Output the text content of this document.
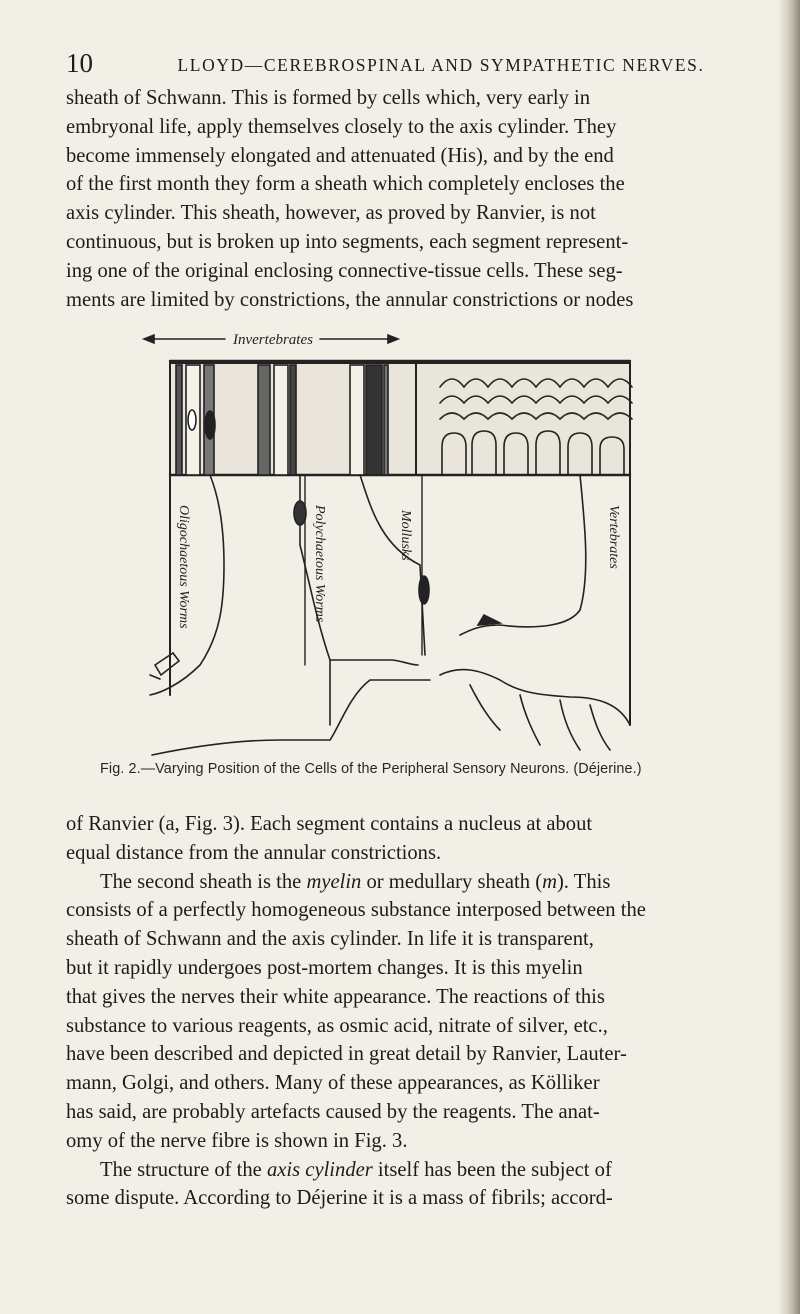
10	LLOYD—CEREBROSPINAL AND SYMPATHETIC NERVES.
sheath of Schwann. This is formed by cells which, very early in
embryonal life, apply themselves closely to the axis cylinder. They
become immensely elongated and attenuated (His), and by the end
of the first month they form a sheath which completely encloses the
axis cylinder. This sheath, however, as proved by Ranvier, is not
continuous, but is broken up into segments, each segment represent-
ing one of the original enclosing connective-tissue cells. These seg-
ments are limited by constrictions, the annular constrictions or nodes
Invertebrates
Oligochaetous Worms	Polychaetous Worms	Mollusks	Vertebrates
Fig. 2.—Varying Position of the Cells of the Peripheral Sensory Neurons. (Déjerine.)
of Ranvier (a, Fig. 3). Each segment contains a nucleus at about
equal distance from the annular constrictions.
The second sheath is the myelin or medullary sheath (m). This
consists of a perfectly homogeneous substance interposed between the
sheath of Schwann and the axis cylinder. In life it is transparent,
but it rapidly undergoes post-mortem changes. It is this myelin
that gives the nerves their white appearance. The reactions of this
substance to various reagents, as osmic acid, nitrate of silver, etc.,
have been described and depicted in great detail by Ranvier, Lauter-
mann, Golgi, and others. Many of these appearances, as Kölliker
has said, are probably artefacts caused by the reagents. The anat-
omy of the nerve fibre is shown in Fig. 3.
The structure of the axis cylinder itself has been the subject of
some dispute. According to Déjerine it is a mass of fibrils; accord-
